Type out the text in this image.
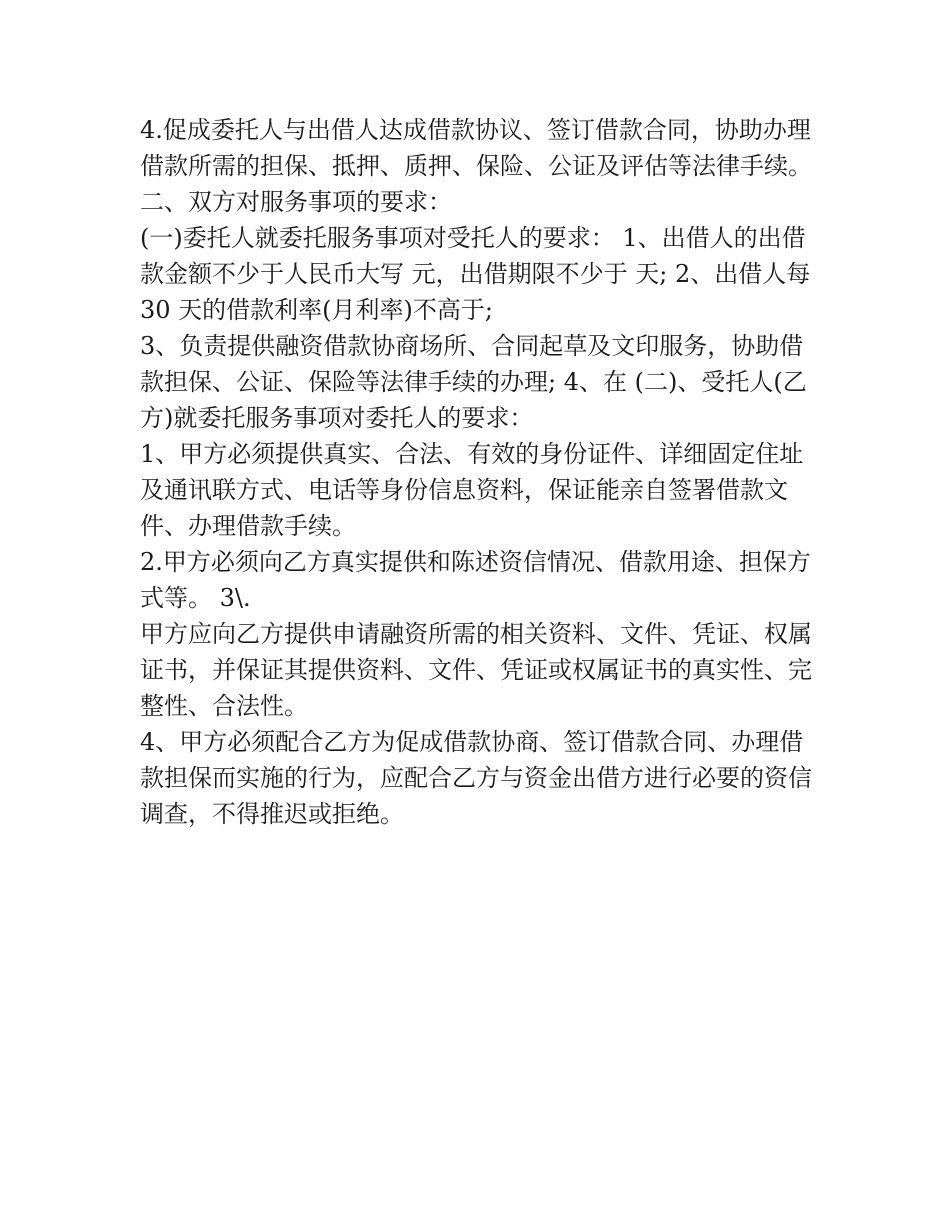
4.促成委托人与出借人达成借款协议、签订借款合同，协助办理借款所需的担保、抵押、质押、保险、公证及评估等法律手续。 二、双方对服务事项的要求：

(一)委托人就委托服务事项对受托人的要求： 1、出借人的出借款金额不少于人民币大写 元，出借期限不少于 天; 2、出借人每 30 天的借款利率(月利率)不高于;

3、负责提供融资借款协商场所、合同起草及文印服务，协助借款担保、公证、保险等法律手续的办理; 4、在 (二)、受托人(乙方)就委托服务事项对委托人的要求：

1、甲方必须提供真实、合法、有效的身份证件、详细固定住址及通讯联方式、电话等身份信息资料，保证能亲自签署借款文件、办理借款手续。

2.甲方必须向乙方真实提供和陈述资信情况、借款用途、担保方式等。 3\.

甲方应向乙方提供申请融资所需的相关资料、文件、凭证、权属证书，并保证其提供资料、文件、凭证或权属证书的真实性、完整性、合法性。

4、甲方必须配合乙方为促成借款协商、签订借款合同、办理借款担保而实施的行为，应配合乙方与资金出借方进行必要的资信调查，不得推迟或拒绝。
